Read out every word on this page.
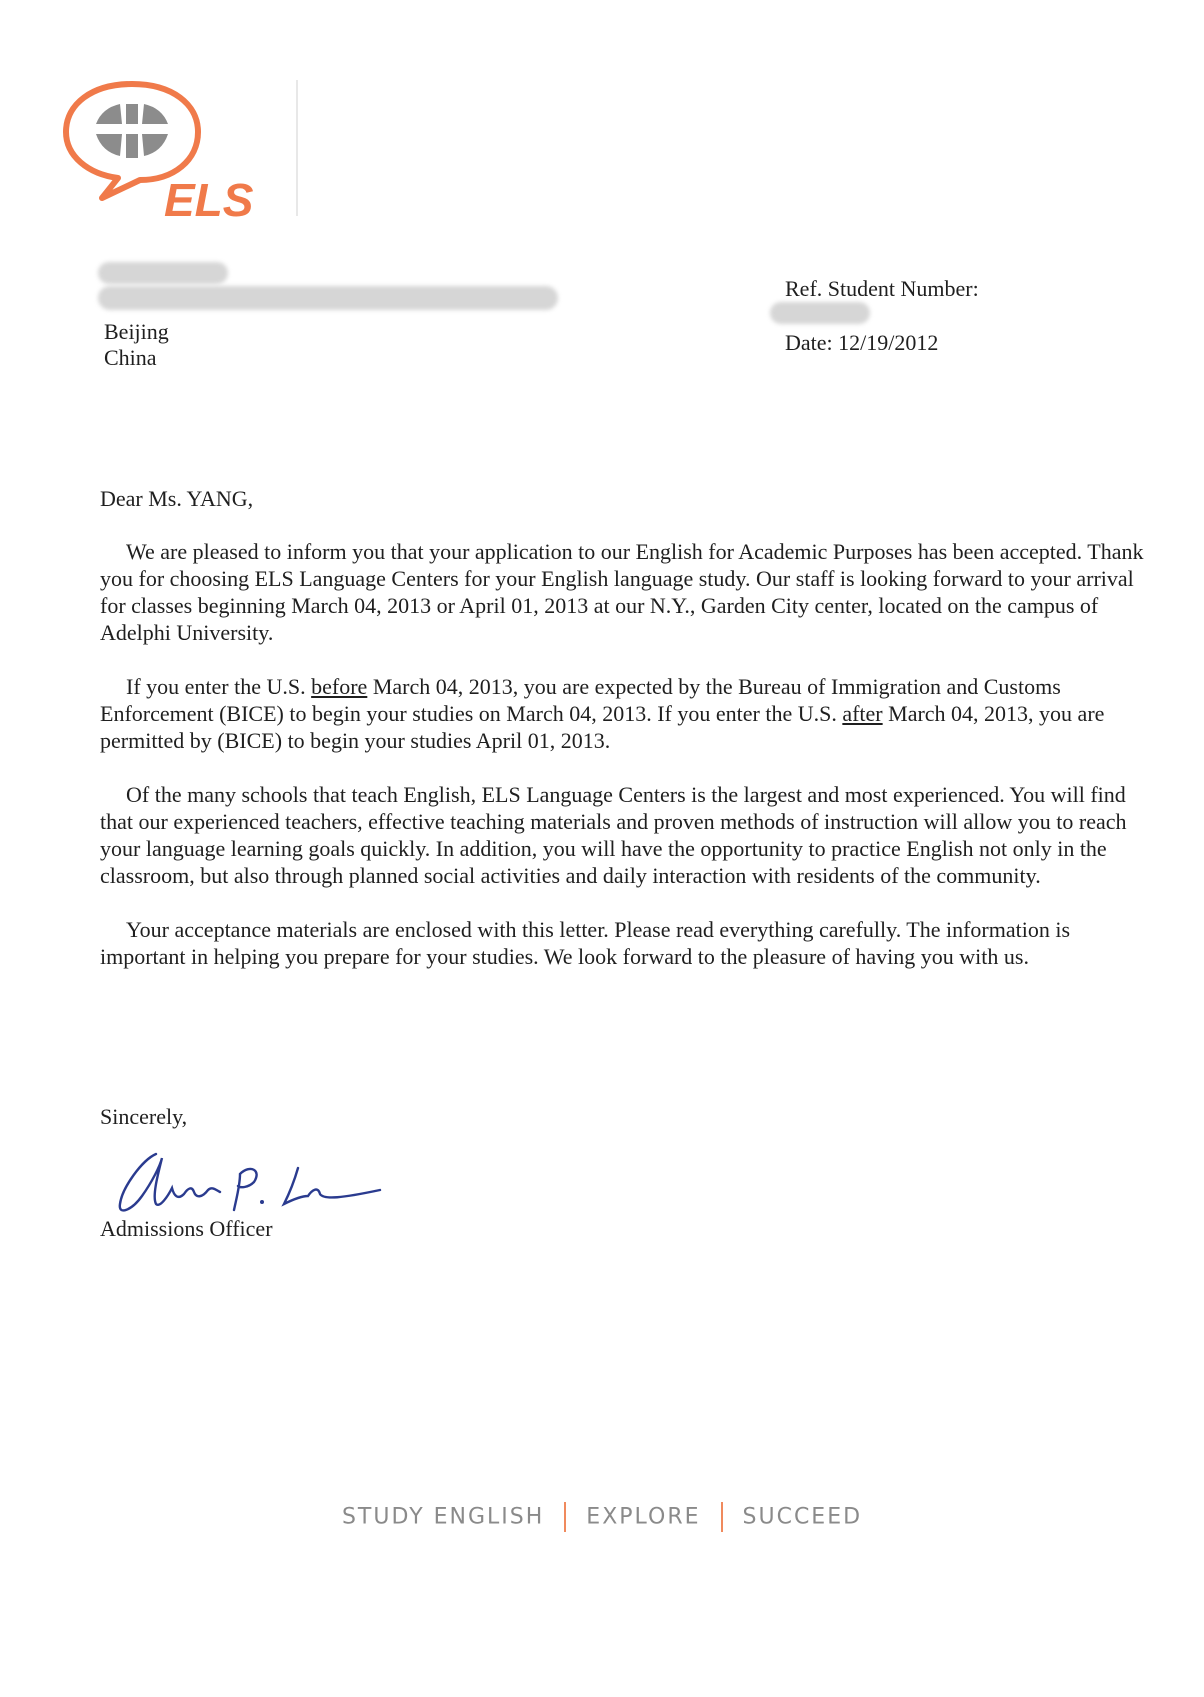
ELS
Beijing
China
Ref. Student Number:
Date: 12/19/2012
Dear Ms. YANG,

We are pleased to inform you that your application to our English for Academic Purposes has been accepted. Thank you for choosing ELS Language Centers for your English language study. Our staff is looking forward to your arrival for classes beginning March 04, 2013 or April 01, 2013 at our N.Y., Garden City center, located on the campus of Adelphi University.

If you enter the U.S. before March 04, 2013, you are expected by the Bureau of Immigration and Customs Enforcement (BICE) to begin your studies on March 04, 2013. If you enter the U.S. after March 04, 2013, you are permitted by (BICE) to begin your studies April 01, 2013.

Of the many schools that teach English, ELS Language Centers is the largest and most experienced. You will find that our experienced teachers, effective teaching materials and proven methods of instruction will allow you to reach your language learning goals quickly. In addition, you will have the opportunity to practice English not only in the classroom, but also through planned social activities and daily interaction with residents of the community.

Your acceptance materials are enclosed with this letter. Please read everything carefully. The information is important in helping you prepare for your studies. We look forward to the pleasure of having you with us.

Sincerely,
Admissions Officer
STUDY ENGLISH EXPLORE SUCCEED
